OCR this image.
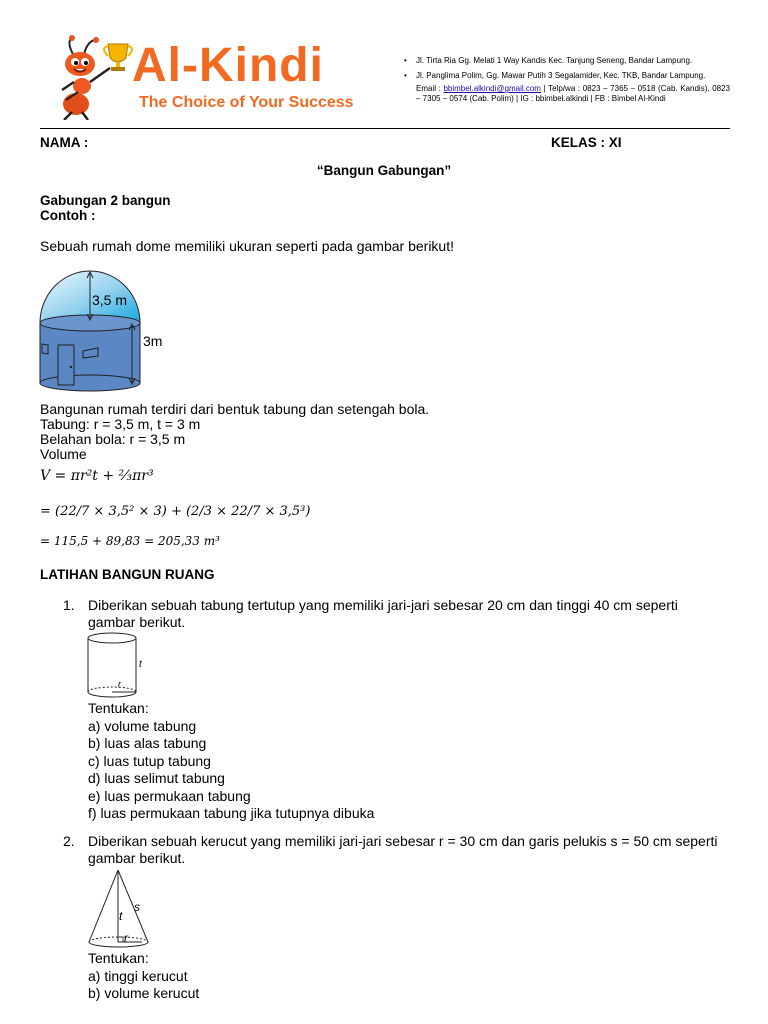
Al-Kindi
The Choice of Your Success
• Jl. Tirta Ria Gg. Melati 1 Way Kandis Kec. Tanjung Seneng, Bandar Lampung.
• Jl. Panglima Polim, Gg. Mawar Putih 3 Segalamider, Kec. TKB, Bandar Lampung.
Email : bbimbel.alkindi@gmail.com | Telp/wa : 0823 – 7365 – 0518 (Cab. Kandis), 0823 – 7305 – 0574 (Cab. Polim) | IG : bbimbel.alkindi | FB : Bimbel Al-Kindi
NAMA :	KELAS : XI
“Bangun Gabungan”
Gabungan 2 bangun
Contoh :
Sebuah rumah dome memiliki ukuran seperti pada gambar berikut!
3,5 m
3m
Bangunan rumah terdiri dari bentuk tabung dan setengah bola.
Tabung: r = 3,5 m, t = 3 m
Belahan bola: r = 3,5 m
Volume
V = πr²t + ²⁄₃πr³
= (22/7 × 3,5² × 3) + (2/3 × 22/7 × 3,5³)
= 115,5 + 89,83 = 205,33 m³
LATIHAN BANGUN RUANG
1. Diberikan sebuah tabung tertutup yang memiliki jari-jari sebesar 20 cm dan tinggi 40 cm seperti gambar berikut.
t
r
Tentukan:
a) volume tabung
b) luas alas tabung
c) luas tutup tabung
d) luas selimut tabung
e) luas permukaan tabung
f) luas permukaan tabung jika tutupnya dibuka
2. Diberikan sebuah kerucut yang memiliki jari-jari sebesar r = 30 cm dan garis pelukis s = 50 cm seperti gambar berikut.
s
t
r
Tentukan:
a) tinggi kerucut
b) volume kerucut
